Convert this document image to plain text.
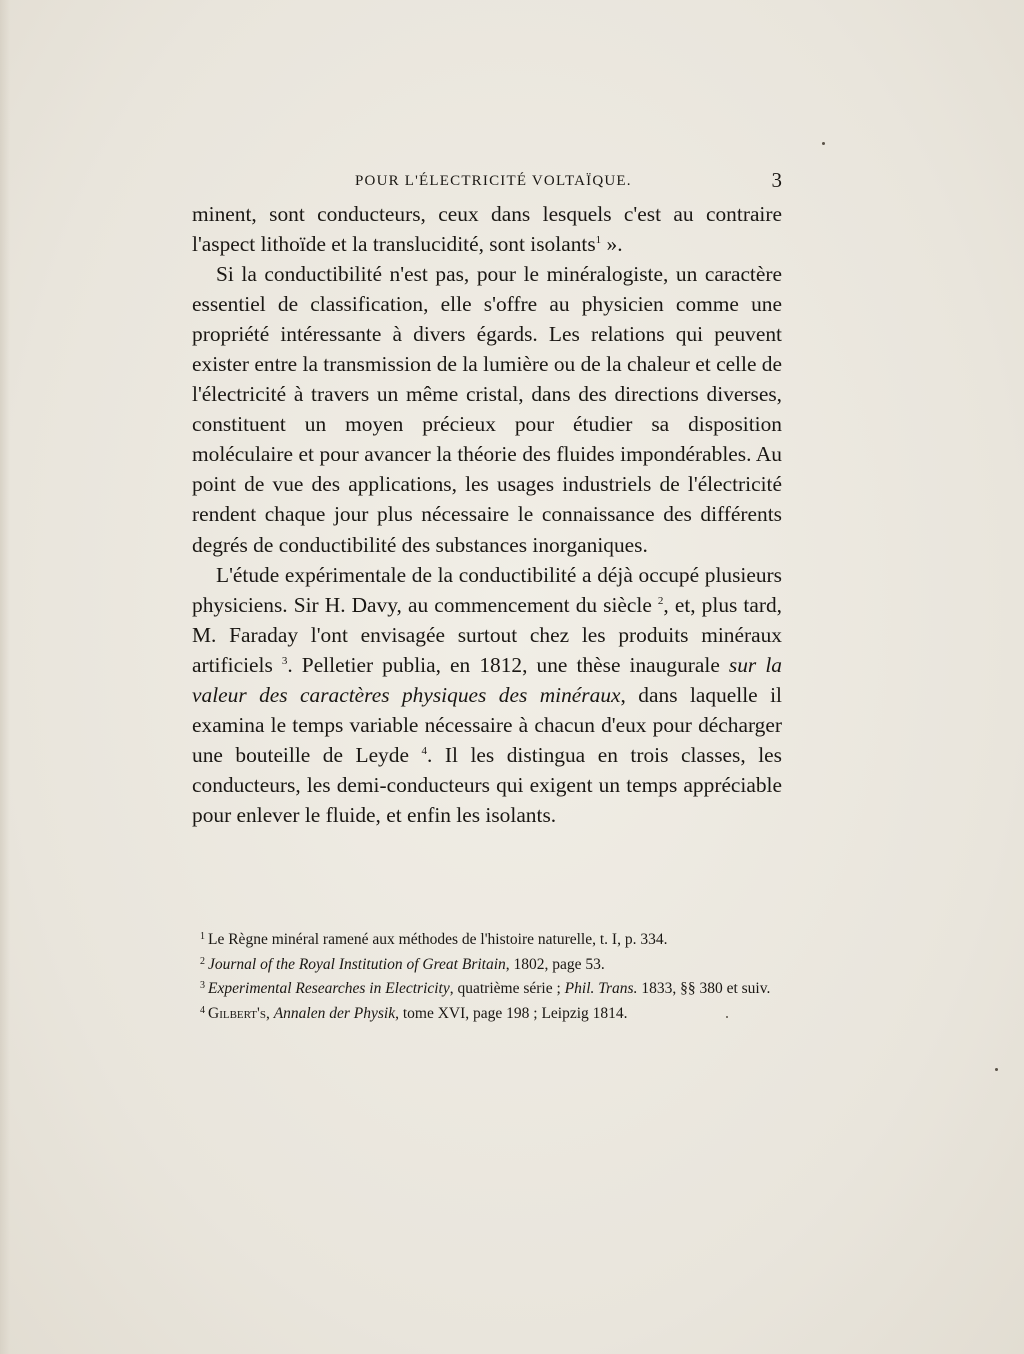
POUR L'ÉLECTRICITÉ VOLTAÏQUE.	3

minent, sont conducteurs, ceux dans lesquels c'est au contraire l'aspect lithoïde et la translucidité, sont isolants$^1$ ».

Si la conductibilité n'est pas, pour le minéralogiste, un caractère essentiel de classification, elle s'offre au physicien comme une propriété intéressante à divers égards. Les relations qui peuvent exister entre la transmission de la lumière ou de la chaleur et celle de l'électricité à travers un même cristal, dans des directions diverses, constituent un moyen précieux pour étudier sa disposition moléculaire et pour avancer la théorie des fluides impondérables. Au point de vue des applications, les usages industriels de l'électricité rendent chaque jour plus nécessaire le connaissance des différents degrés de conductibilité des substances inorganiques.

L'étude expérimentale de la conductibilité a déjà occupé plusieurs physiciens. Sir H. Davy, au commencement du siècle $^2$, et, plus tard, M. Faraday l'ont envisagée surtout chez les produits minéraux artificiels $^3$. Pelletier publia, en 1812, une thèse inaugurale sur la valeur des caractères physiques des minéraux, dans laquelle il examina le temps variable nécessaire à chacun d'eux pour décharger une bouteille de Leyde $^4$. Il les distingua en trois classes, les conducteurs, les demi-conducteurs qui exigent un temps appréciable pour enlever le fluide, et enfin les isolants.

$^1$ Le Règne minéral ramené aux méthodes de l'histoire naturelle, t. I, p. 334.

$^2$ Journal of the Royal Institution of Great Britain, 1802, page 53.

$^3$ Experimental Researches in Electricity, quatrième série ; Phil. Trans. 1833, §§ 380 et suiv.

$^4$ Gilbert's, Annalen der Physik, tome XVI, page 198 ; Leipzig 1814.
